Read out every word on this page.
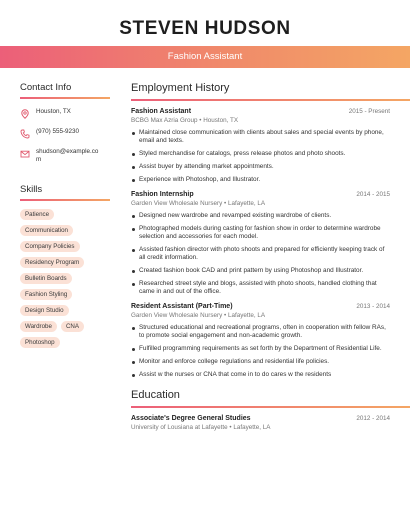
STEVEN HUDSON
Fashion Assistant
Contact Info
Houston, TX
(970) 555-9230
shudson@example.com
Skills
Patience
Communication
Company Policies
Residency Program
Bulletin Boards
Fashion Styling
Design Studio
Wardrobe	CNA
Photoshop
Employment History
Fashion Assistant	2015 - Present
BCBG Max Azria Group • Houston, TX
Maintained close communication with clients about sales and special events by phone, email and texts.
Styled merchandise for catalogs, press release photos and photo shoots.
Assist buyer by attending market appointments.
Experience with Photoshop, and Illustrator.
Fashion Internship	2014 - 2015
Garden View Wholesale Nursery • Lafayette, LA
Designed new wardrobe and revamped existing wardrobe of clients.
Photographed models during casting for fashion show in order to determine wardrobe selection and accessories for each model.
Assisted fashion director with photo shoots and prepared for efficiently keeping track of all credit information.
Created fashion book CAD and print pattern by using Photoshop and Illustrator.
Researched street style and blogs, assisted with photo shoots, handled clothing that came in and out of the office.
Resident Assistant (Part-Time)	2013 - 2014
Garden View Wholesale Nursery • Lafayette, LA
Structured educational and recreational programs, often in cooperation with fellow RAs, to promote social engagement and non-academic growth.
Fulfilled programming requirements as set forth by the Department of Residential Life.
Monitor and enforce college regulations and residential life policies.
Assist w the nurses or CNA that come in to do cares w the residents
Education
Associate's Degree General Studies	2012 - 2014
University of Lousiana at Lafayette • Lafayette, LA
